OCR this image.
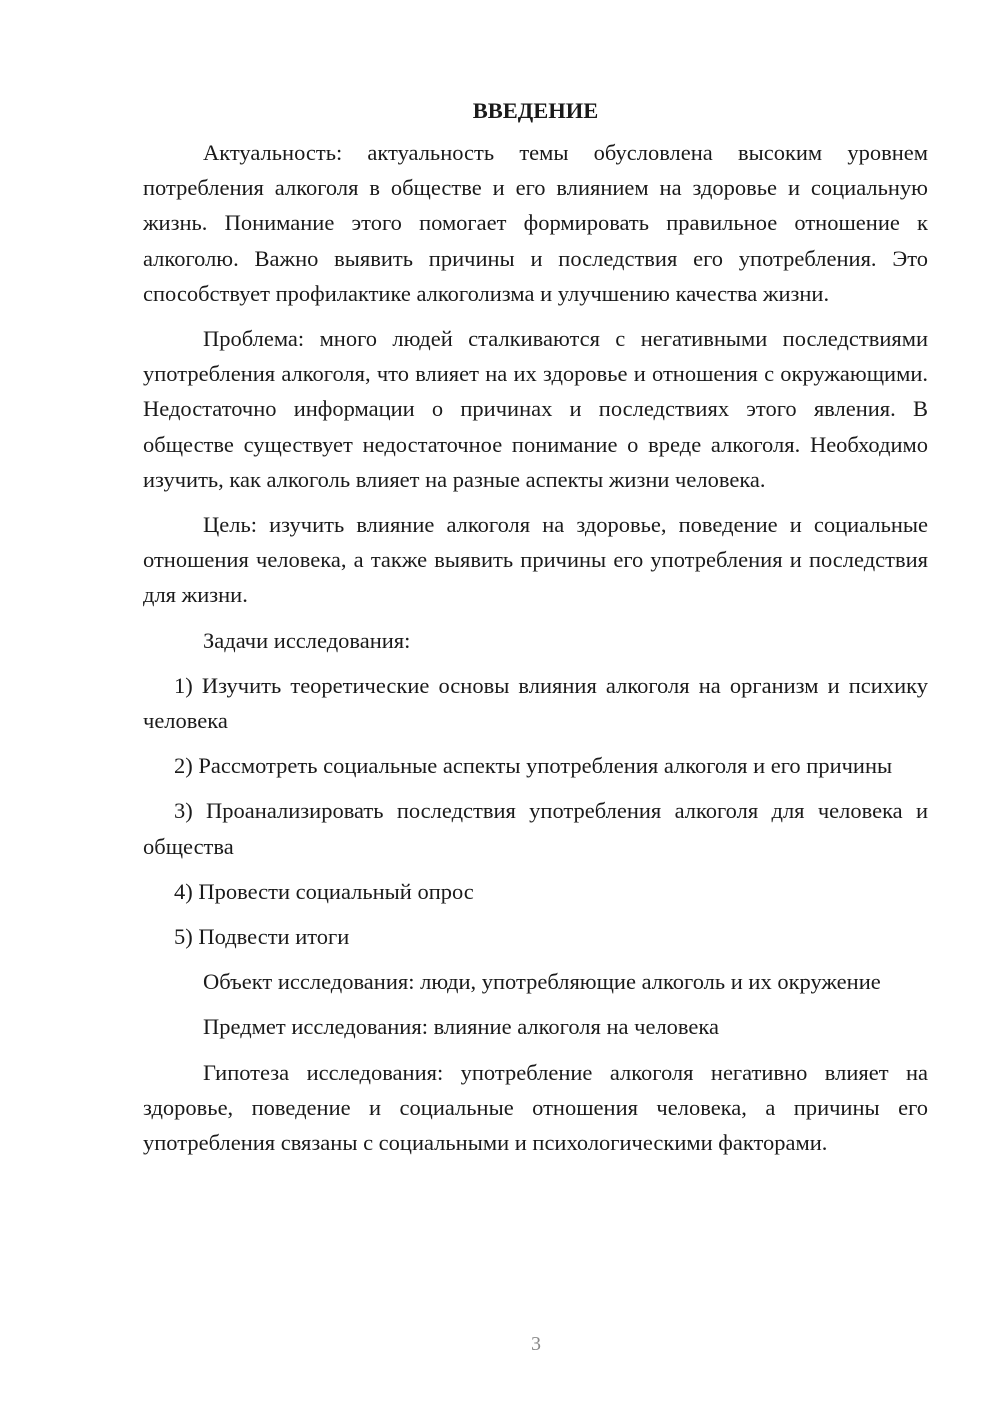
ВВЕДЕНИЕ

Актуальность: актуальность темы обусловлена высоким уровнем потребления алкоголя в обществе и его влиянием на здоровье и социальную жизнь. Понимание этого помогает формировать правильное отношение к алкоголю. Важно выявить причины и последствия его употребления. Это способствует профилактике алкоголизма и улучшению качества жизни.

Проблема: много людей сталкиваются с негативными последствиями употребления алкоголя, что влияет на их здоровье и отношения с окружающими. Недостаточно информации о причинах и последствиях этого явления. В обществе существует недостаточное понимание о вреде алкоголя. Необходимо изучить, как алкоголь влияет на разные аспекты жизни человека.

Цель: изучить влияние алкоголя на здоровье, поведение и социальные отношения человека, а также выявить причины его употребления и последствия для жизни.

Задачи исследования:

1) Изучить теоретические основы влияния алкоголя на организм и психику человека

2) Рассмотреть социальные аспекты употребления алкоголя и его причины

3) Проанализировать последствия употребления алкоголя для человека и общества

4) Провести социальный опрос

5) Подвести итоги

Объект исследования: люди, употребляющие алкоголь и их окружение

Предмет исследования: влияние алкоголя на человека

Гипотеза исследования: употребление алкоголя негативно влияет на здоровье, поведение и социальные отношения человека, а причины его употребления связаны с социальными и психологическими факторами.

3
